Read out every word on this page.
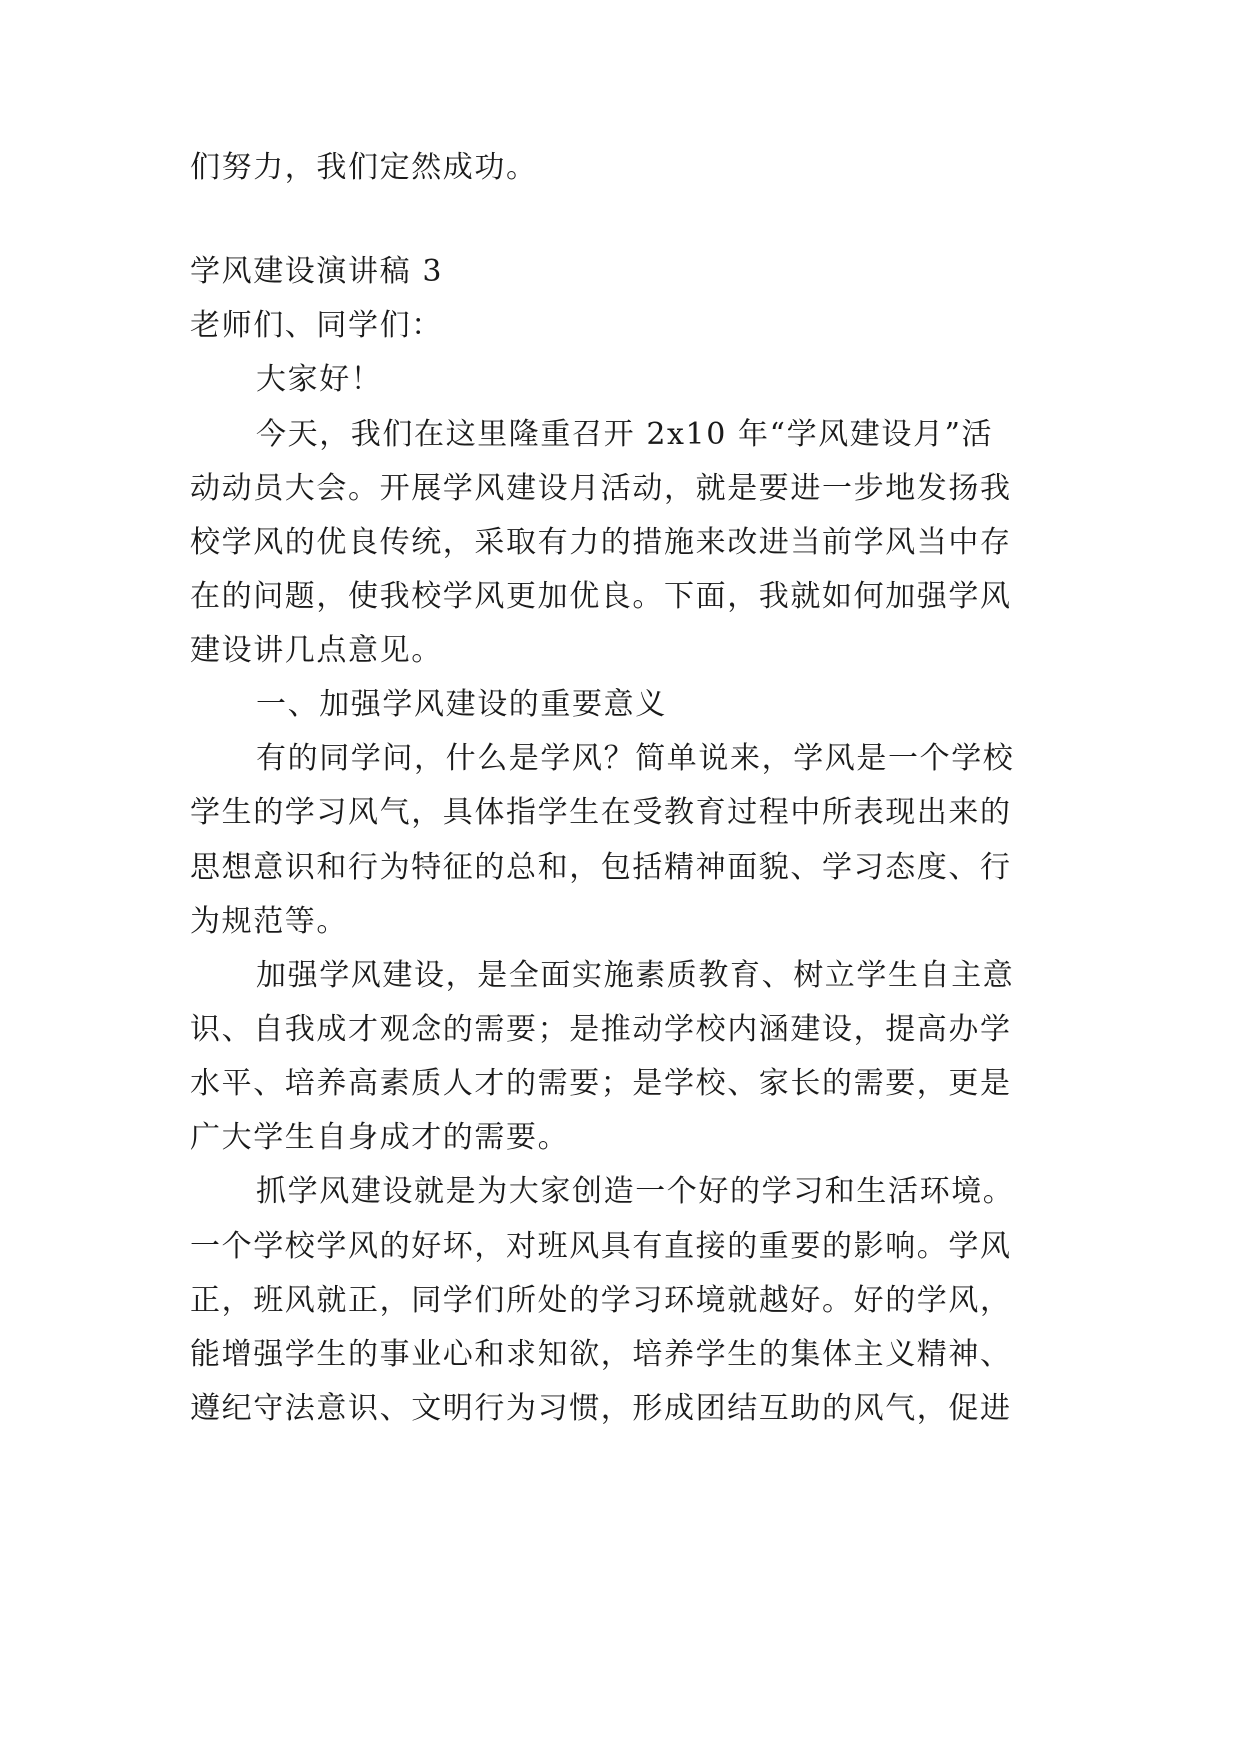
们努力，我们定然成功。
学风建设演讲稿 3
老师们、同学们：
大家好！
今天，我们在这里隆重召开 2x10 年“学风建设月”活
动动员大会。开展学风建设月活动，就是要进一步地发扬我
校学风的优良传统，采取有力的措施来改进当前学风当中存
在的问题，使我校学风更加优良。下面，我就如何加强学风
建设讲几点意见。
一、加强学风建设的重要意义
有的同学问，什么是学风？简单说来，学风是一个学校
学生的学习风气，具体指学生在受教育过程中所表现出来的
思想意识和行为特征的总和，包括精神面貌、学习态度、行
为规范等。
加强学风建设，是全面实施素质教育、树立学生自主意
识、自我成才观念的需要；是推动学校内涵建设，提高办学
水平、培养高素质人才的需要；是学校、家长的需要，更是
广大学生自身成才的需要。
抓学风建设就是为大家创造一个好的学习和生活环境。
一个学校学风的好坏，对班风具有直接的重要的影响。学风
正，班风就正，同学们所处的学习环境就越好。好的学风，
能增强学生的事业心和求知欲，培养学生的集体主义精神、
遵纪守法意识、文明行为习惯，形成团结互助的风气，促进
